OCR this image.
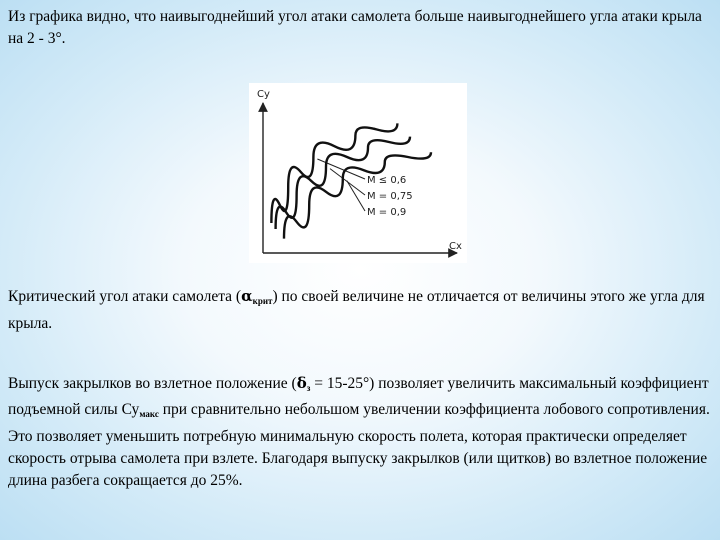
Из графика видно, что наивыгоднейший угол атаки самолета больше наивыгоднейшего угла атаки крыла на 2 - 3°.

Су
Сх
М ≤ 0,6
М = 0,75
М = 0,9

Критический угол атаки самолета $(\alpha_{крит})$ по своей величине не отличается от величины этого же угла для крыла.

Выпуск закрылков во взлетное положение $(\delta_з = 15-25^\circ)$ позволяет увеличить максимальный коэффициент подъемной силы $Су_{макс}$ при сравнительно небольшом увеличении коэффициента лобового сопротивления. Это позволяет уменьшить потребную минимальную скорость полета, которая практически определяет скорость отрыва самолета при взлете. Благодаря выпуску закрылков (или щитков) во взлетное положение длина разбега сокращается до 25%.
